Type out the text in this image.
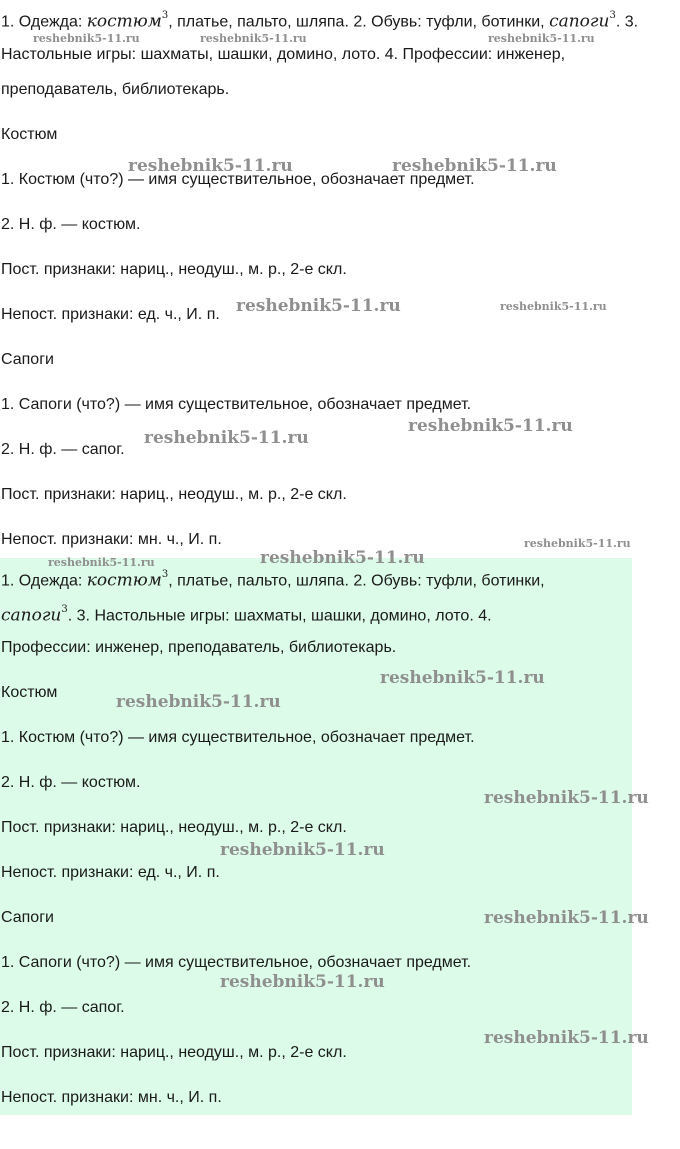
1. Одежда: костюм$^3$, платье, пальто, шляпа. 2. Обувь: туфли, ботинки, сапоги$^3$. 3.
Настольные игры: шахматы, шашки, домино, лото. 4. Профессии: инженер,
преподаватель, библиотекарь.
Костюм
1. Костюм (что?) — имя существительное, обозначает предмет.
2. Н. ф. — костюм.
Пост. признаки: нариц., неодуш., м. р., 2-е скл.
Непост. признаки: ед. ч., И. п.
Сапоги
1. Сапоги (что?) — имя существительное, обозначает предмет.
2. Н. ф. — сапог.
Пост. признаки: нариц., неодуш., м. р., 2-е скл.
Непост. признаки: мн. ч., И. п.
1. Одежда: костюм$^3$, платье, пальто, шляпа. 2. Обувь: туфли, ботинки,
сапоги$^3$. 3. Настольные игры: шахматы, шашки, домино, лото. 4.
Профессии: инженер, преподаватель, библиотекарь.
Костюм
1. Костюм (что?) — имя существительное, обозначает предмет.
2. Н. ф. — костюм.
Пост. признаки: нариц., неодуш., м. р., 2-е скл.
Непост. признаки: ед. ч., И. п.
Сапоги
1. Сапоги (что?) — имя существительное, обозначает предмет.
2. Н. ф. — сапог.
Пост. признаки: нариц., неодуш., м. р., 2-е скл.
Непост. признаки: мн. ч., И. п.
reshebnik5-11.ru	reshebnik5-11.ru	reshebnik5-11.ru
reshebnik5-11.ru	reshebnik5-11.ru
reshebnik5-11.ru	reshebnik5-11.ru
reshebnik5-11.ru
reshebnik5-11.ru
reshebnik5-11.ru
reshebnik5-11.ru	reshebnik5-11.ru
reshebnik5-11.ru
reshebnik5-11.ru
reshebnik5-11.ru
reshebnik5-11.ru
reshebnik5-11.ru
reshebnik5-11.ru
reshebnik5-11.ru
